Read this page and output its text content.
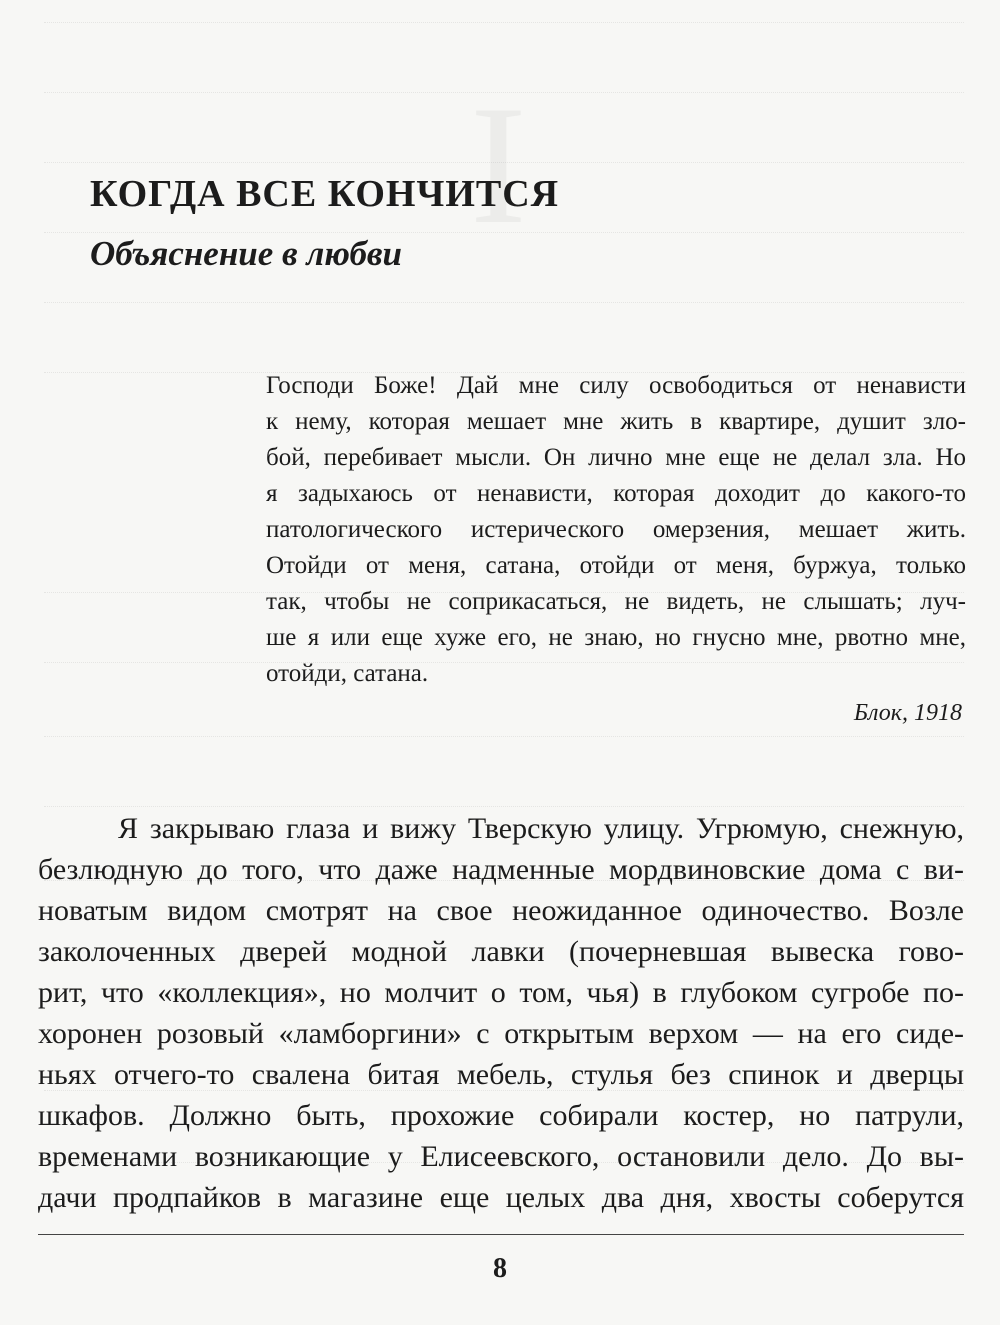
I
КОГДА ВСЕ КОНЧИТСЯ
Объяснение в любви
Господи Боже! Дай мне силу освободиться от ненависти
к нему, которая мешает мне жить в квартире, душит зло-
бой, перебивает мысли. Он лично мне еще не делал зла. Но
я задыхаюсь от ненависти, которая доходит до какого-то
патологического истерического омерзения, мешает жить.
Отойди от меня, сатана, отойди от меня, буржуа, только
так, чтобы не соприкасаться, не видеть, не слышать; луч-
ше я или еще хуже его, не знаю, но гнусно мне, рвотно мне,
отойди, сатана.
Блок, 1918
Я закрываю глаза и вижу Тверскую улицу. Угрюмую, снежную,
безлюдную до того, что даже надменные мордвиновские дома с ви-
новатым видом смотрят на свое неожиданное одиночество. Возле
заколоченных дверей модной лавки (почерневшая вывеска гово-
рит, что «коллекция», но молчит о том, чья) в глубоком сугробе по-
хоронен розовый «ламборгини» с открытым верхом — на его сиде-
ньях отчего-то свалена битая мебель, стулья без спинок и дверцы
шкафов. Должно быть, прохожие собирали костер, но патрули,
временами возникающие у Елисеевского, остановили дело. До вы-
дачи продпайков в магазине еще целых два дня, хвосты соберутся
8
